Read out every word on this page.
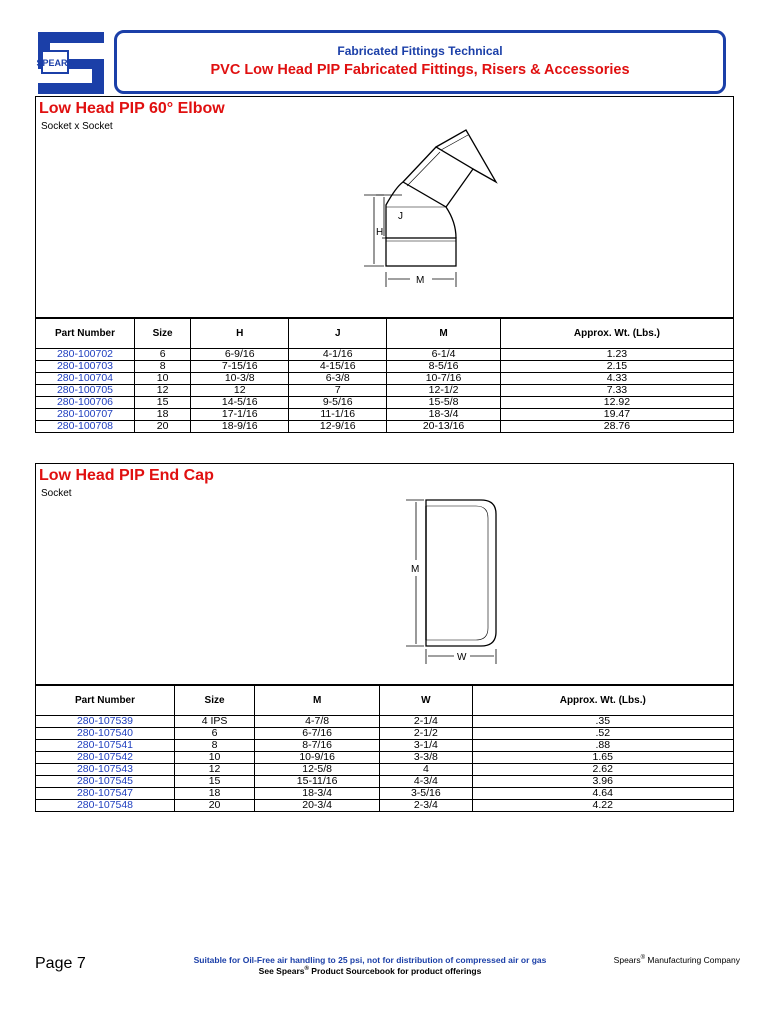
SPEARS
Fabricated Fittings Technical
PVC Low Head PIP Fabricated Fittings, Risers & Accessories
Low Head PIP 60° Elbow
Socket x Socket
J
H
M
Part Number	Size	H	J	M	Approx. Wt. (Lbs.)
280-100702	6	6-9/16	4-1/16	6-1/4	1.23
280-100703	8	7-15/16	4-15/16	8-5/16	2.15
280-100704	10	10-3/8	6-3/8	10-7/16	4.33
280-100705	12	12	7	12-1/2	7.33
280-100706	15	14-5/16	9-5/16	15-5/8	12.92
280-100707	18	17-1/16	11-1/16	18-3/4	19.47
280-100708	20	18-9/16	12-9/16	20-13/16	28.76
Low Head PIP End Cap
Socket
M
W
Part Number	Size	M	W	Approx. Wt. (Lbs.)
280-107539	4 IPS	4-7/8	2-1/4	.35
280-107540	6	6-7/16	2-1/2	.52
280-107541	8	8-7/16	3-1/4	.88
280-107542	10	10-9/16	3-3/8	1.65
280-107543	12	12-5/8	4	2.62
280-107545	15	15-11/16	4-3/4	3.96
280-107547	18	18-3/4	3-5/16	4.64
280-107548	20	20-3/4	2-3/4	4.22
Page 7	Suitable for Oil-Free air handling to 25 psi, not for distribution of compressed air or gas
See Spears® Product Sourcebook for product offerings
Spears® Manufacturing Company
